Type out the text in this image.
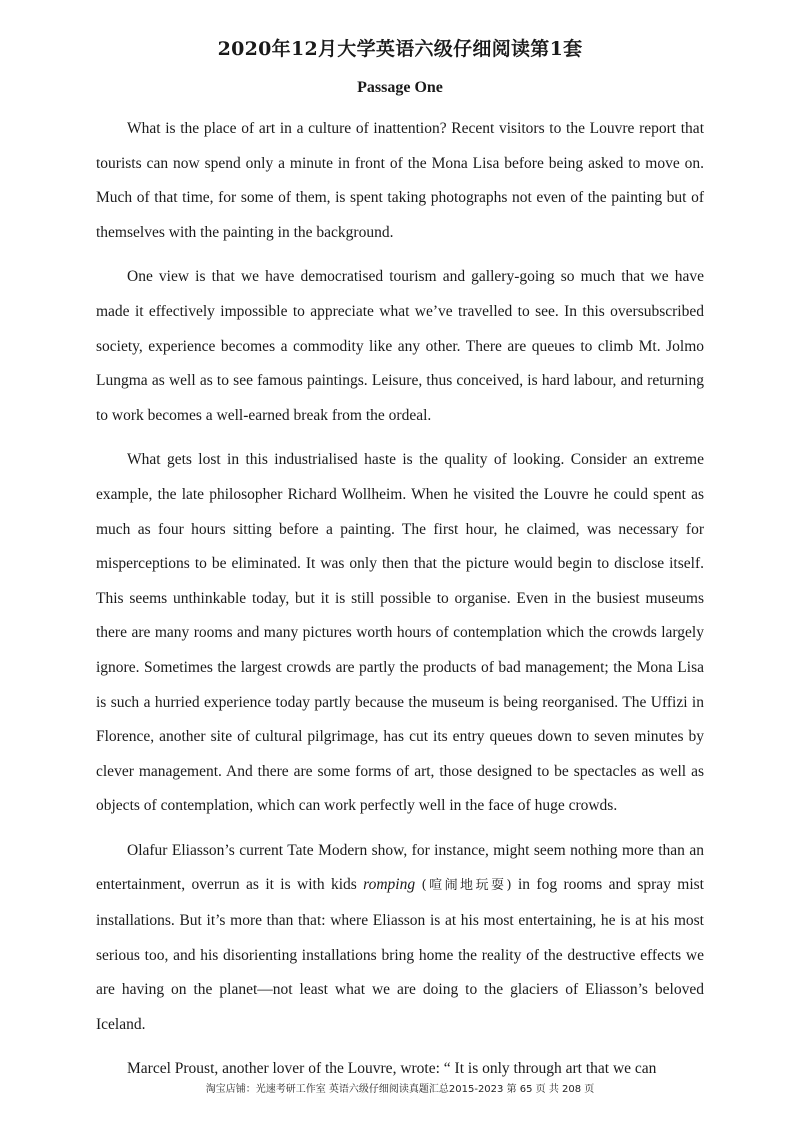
2020年12月大学英语六级仔细阅读第1套
Passage One

What is the place of art in a culture of inattention? Recent visitors to the Louvre report that tourists can now spend only a minute in front of the Mona Lisa before being asked to move on. Much of that time, for some of them, is spent taking photographs not even of the painting but of themselves with the painting in the background.

One view is that we have democratised tourism and gallery-going so much that we have made it effectively impossible to appreciate what we’ve travelled to see. In this oversubscribed society, experience becomes a commodity like any other. There are queues to climb Mt. Jolmo Lungma as well as to see famous paintings. Leisure, thus conceived, is hard labour, and returning to work becomes a well-earned break from the ordeal.

What gets lost in this industrialised haste is the quality of looking. Consider an extreme example, the late philosopher Richard Wollheim. When he visited the Louvre he could spent as much as four hours sitting before a painting. The first hour, he claimed, was necessary for misperceptions to be eliminated. It was only then that the picture would begin to disclose itself. This seems unthinkable today, but it is still possible to organise. Even in the busiest museums there are many rooms and many pictures worth hours of contemplation which the crowds largely ignore. Sometimes the largest crowds are partly the products of bad management; the Mona Lisa is such a hurried experience today partly because the museum is being reorganised. The Uffizi in Florence, another site of cultural pilgrimage, has cut its entry queues down to seven minutes by clever management. And there are some forms of art, those designed to be spectacles as well as objects of contemplation, which can work perfectly well in the face of huge crowds.

Olafur Eliasson’s current Tate Modern show, for instance, might seem nothing more than an entertainment, overrun as it is with kids romping (喧闹地玩耍) in fog rooms and spray mist installations. But it’s more than that: where Eliasson is at his most entertaining, he is at his most serious too, and his disorienting installations bring home the reality of the destructive effects we are having on the planet—not least what we are doing to the glaciers of Eliasson’s beloved Iceland.

Marcel Proust, another lover of the Louvre, wrote: “ It is only through art that we can

淘宝店铺：光速考研工作室 英语六级仔细阅读真题汇总2015-2023 第 65 页 共 208 页
